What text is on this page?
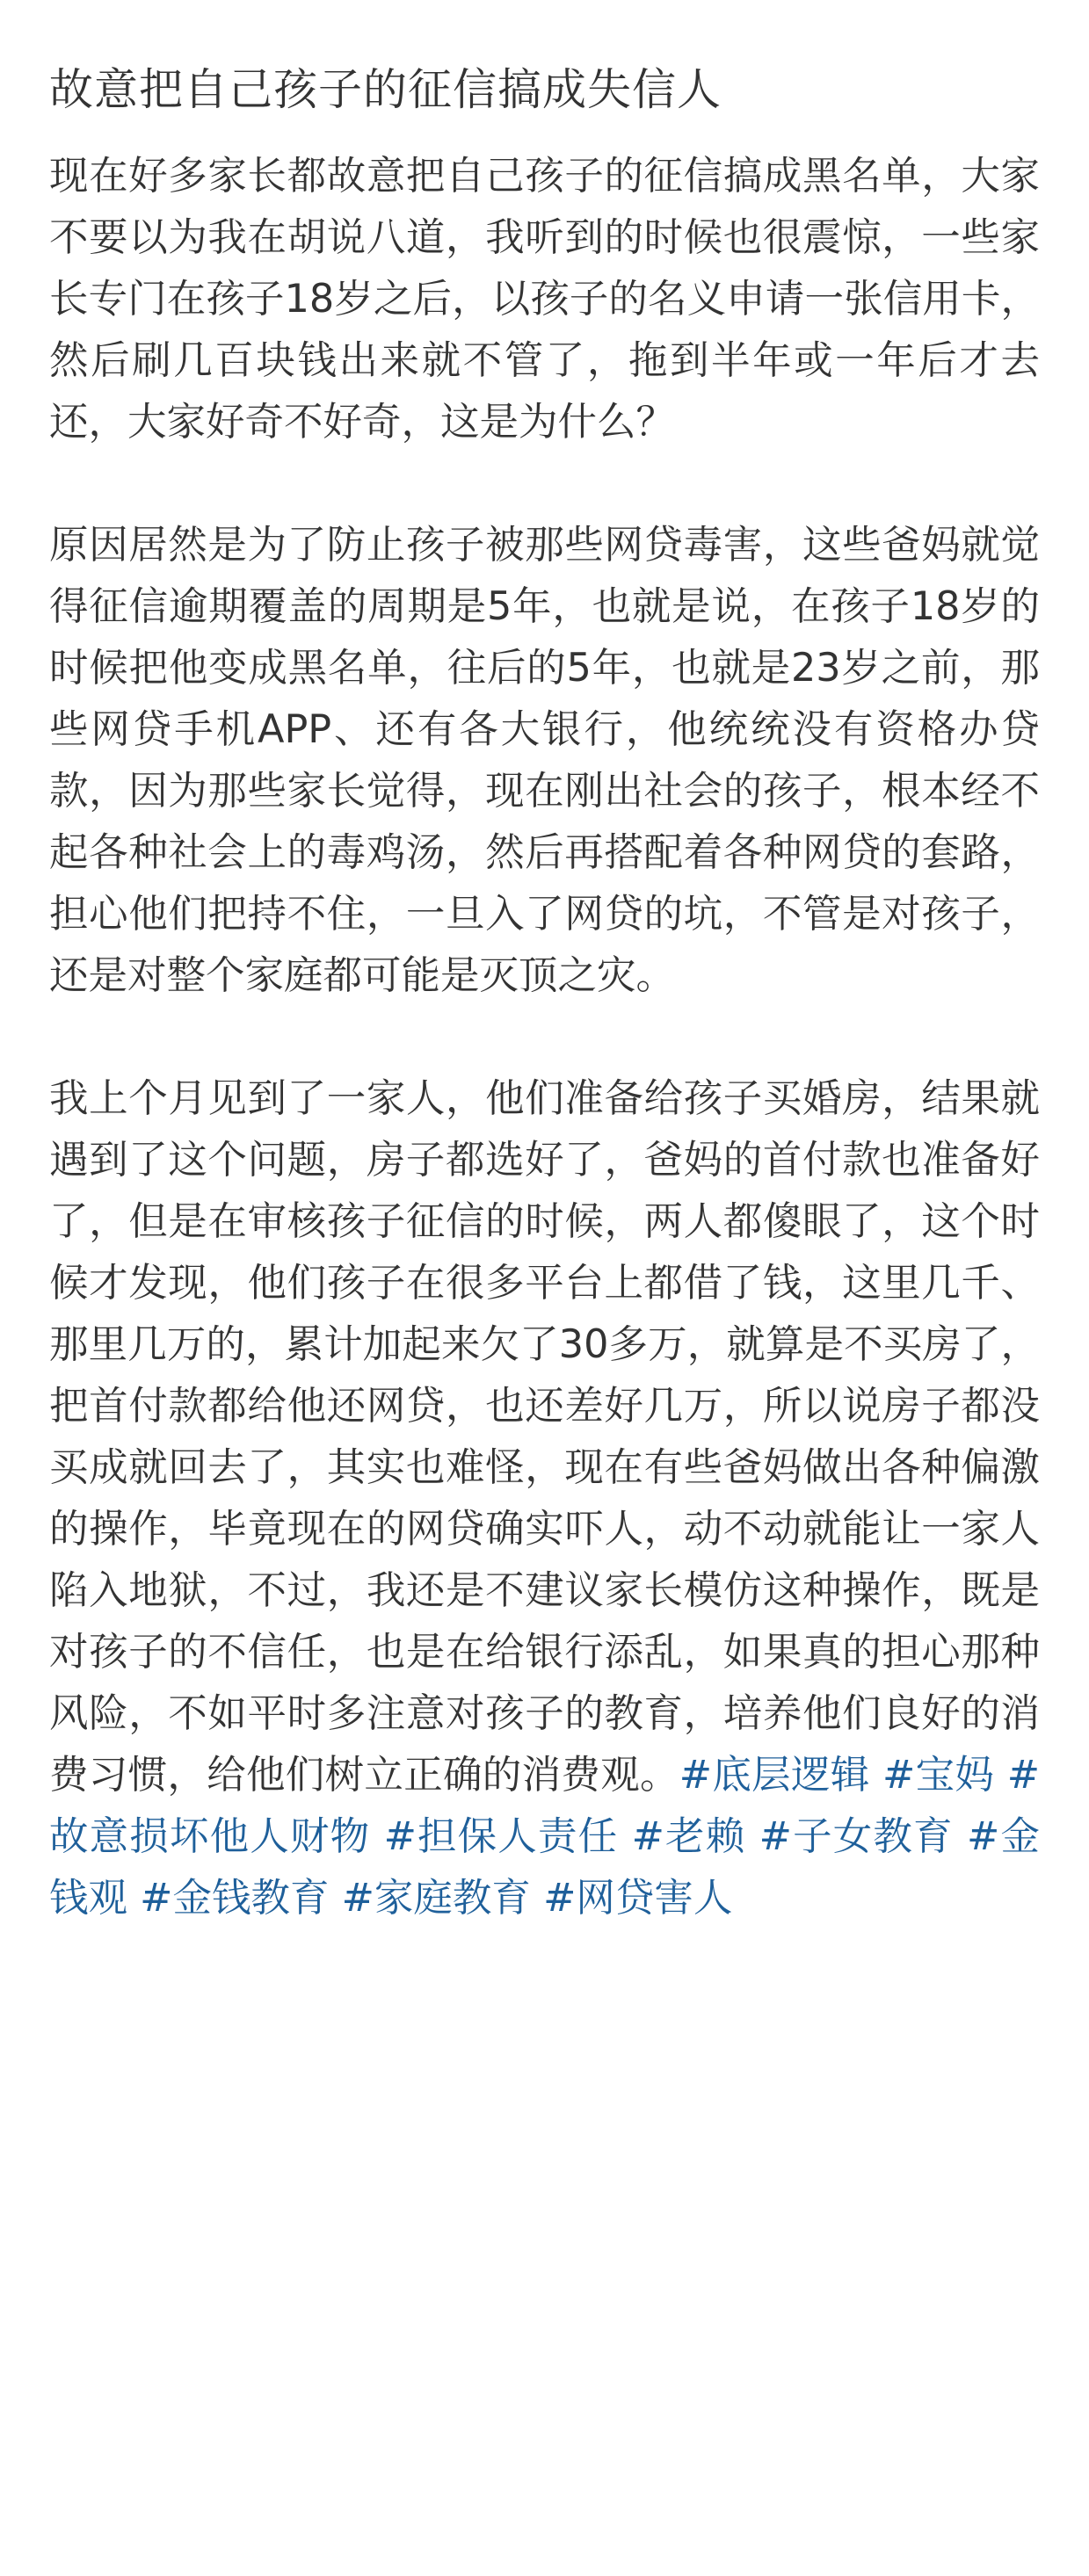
故意把自己孩子的征信搞成失信人

现在好多家长都故意把自己孩子的征信搞成黑名单，大家不要以为我在胡说八道，我听到的时候也很震惊，一些家长专门在孩子18岁之后，以孩子的名义申请一张信用卡，然后刷几百块钱出来就不管了，拖到半年或一年后才去还，大家好奇不好奇，这是为什么？

原因居然是为了防止孩子被那些网贷毒害，这些爸妈就觉得征信逾期覆盖的周期是5年，也就是说，在孩子18岁的时候把他变成黑名单，往后的5年，也就是23岁之前，那些网贷手机APP、还有各大银行，他统统没有资格办贷款，因为那些家长觉得，现在刚出社会的孩子，根本经不起各种社会上的毒鸡汤，然后再搭配着各种网贷的套路，担心他们把持不住，一旦入了网贷的坑，不管是对孩子，还是对整个家庭都可能是灭顶之灾。

我上个月见到了一家人，他们准备给孩子买婚房，结果就遇到了这个问题，房子都选好了，爸妈的首付款也准备好了，但是在审核孩子征信的时候，两人都傻眼了，这个时候才发现，他们孩子在很多平台上都借了钱，这里几千、那里几万的，累计加起来欠了30多万，就算是不买房了，把首付款都给他还网贷，也还差好几万，所以说房子都没买成就回去了，其实也难怪，现在有些爸妈做出各种偏激的操作，毕竟现在的网贷确实吓人，动不动就能让一家人陷入地狱，不过，我还是不建议家长模仿这种操作，既是对孩子的不信任，也是在给银行添乱，如果真的担心那种风险，不如平时多注意对孩子的教育，培养他们良好的消费习惯，给他们树立正确的消费观。#底层逻辑 #宝妈 #故意损坏他人财物 #担保人责任 #老赖 #子女教育 #金钱观 #金钱教育 #家庭教育 #网贷害人
